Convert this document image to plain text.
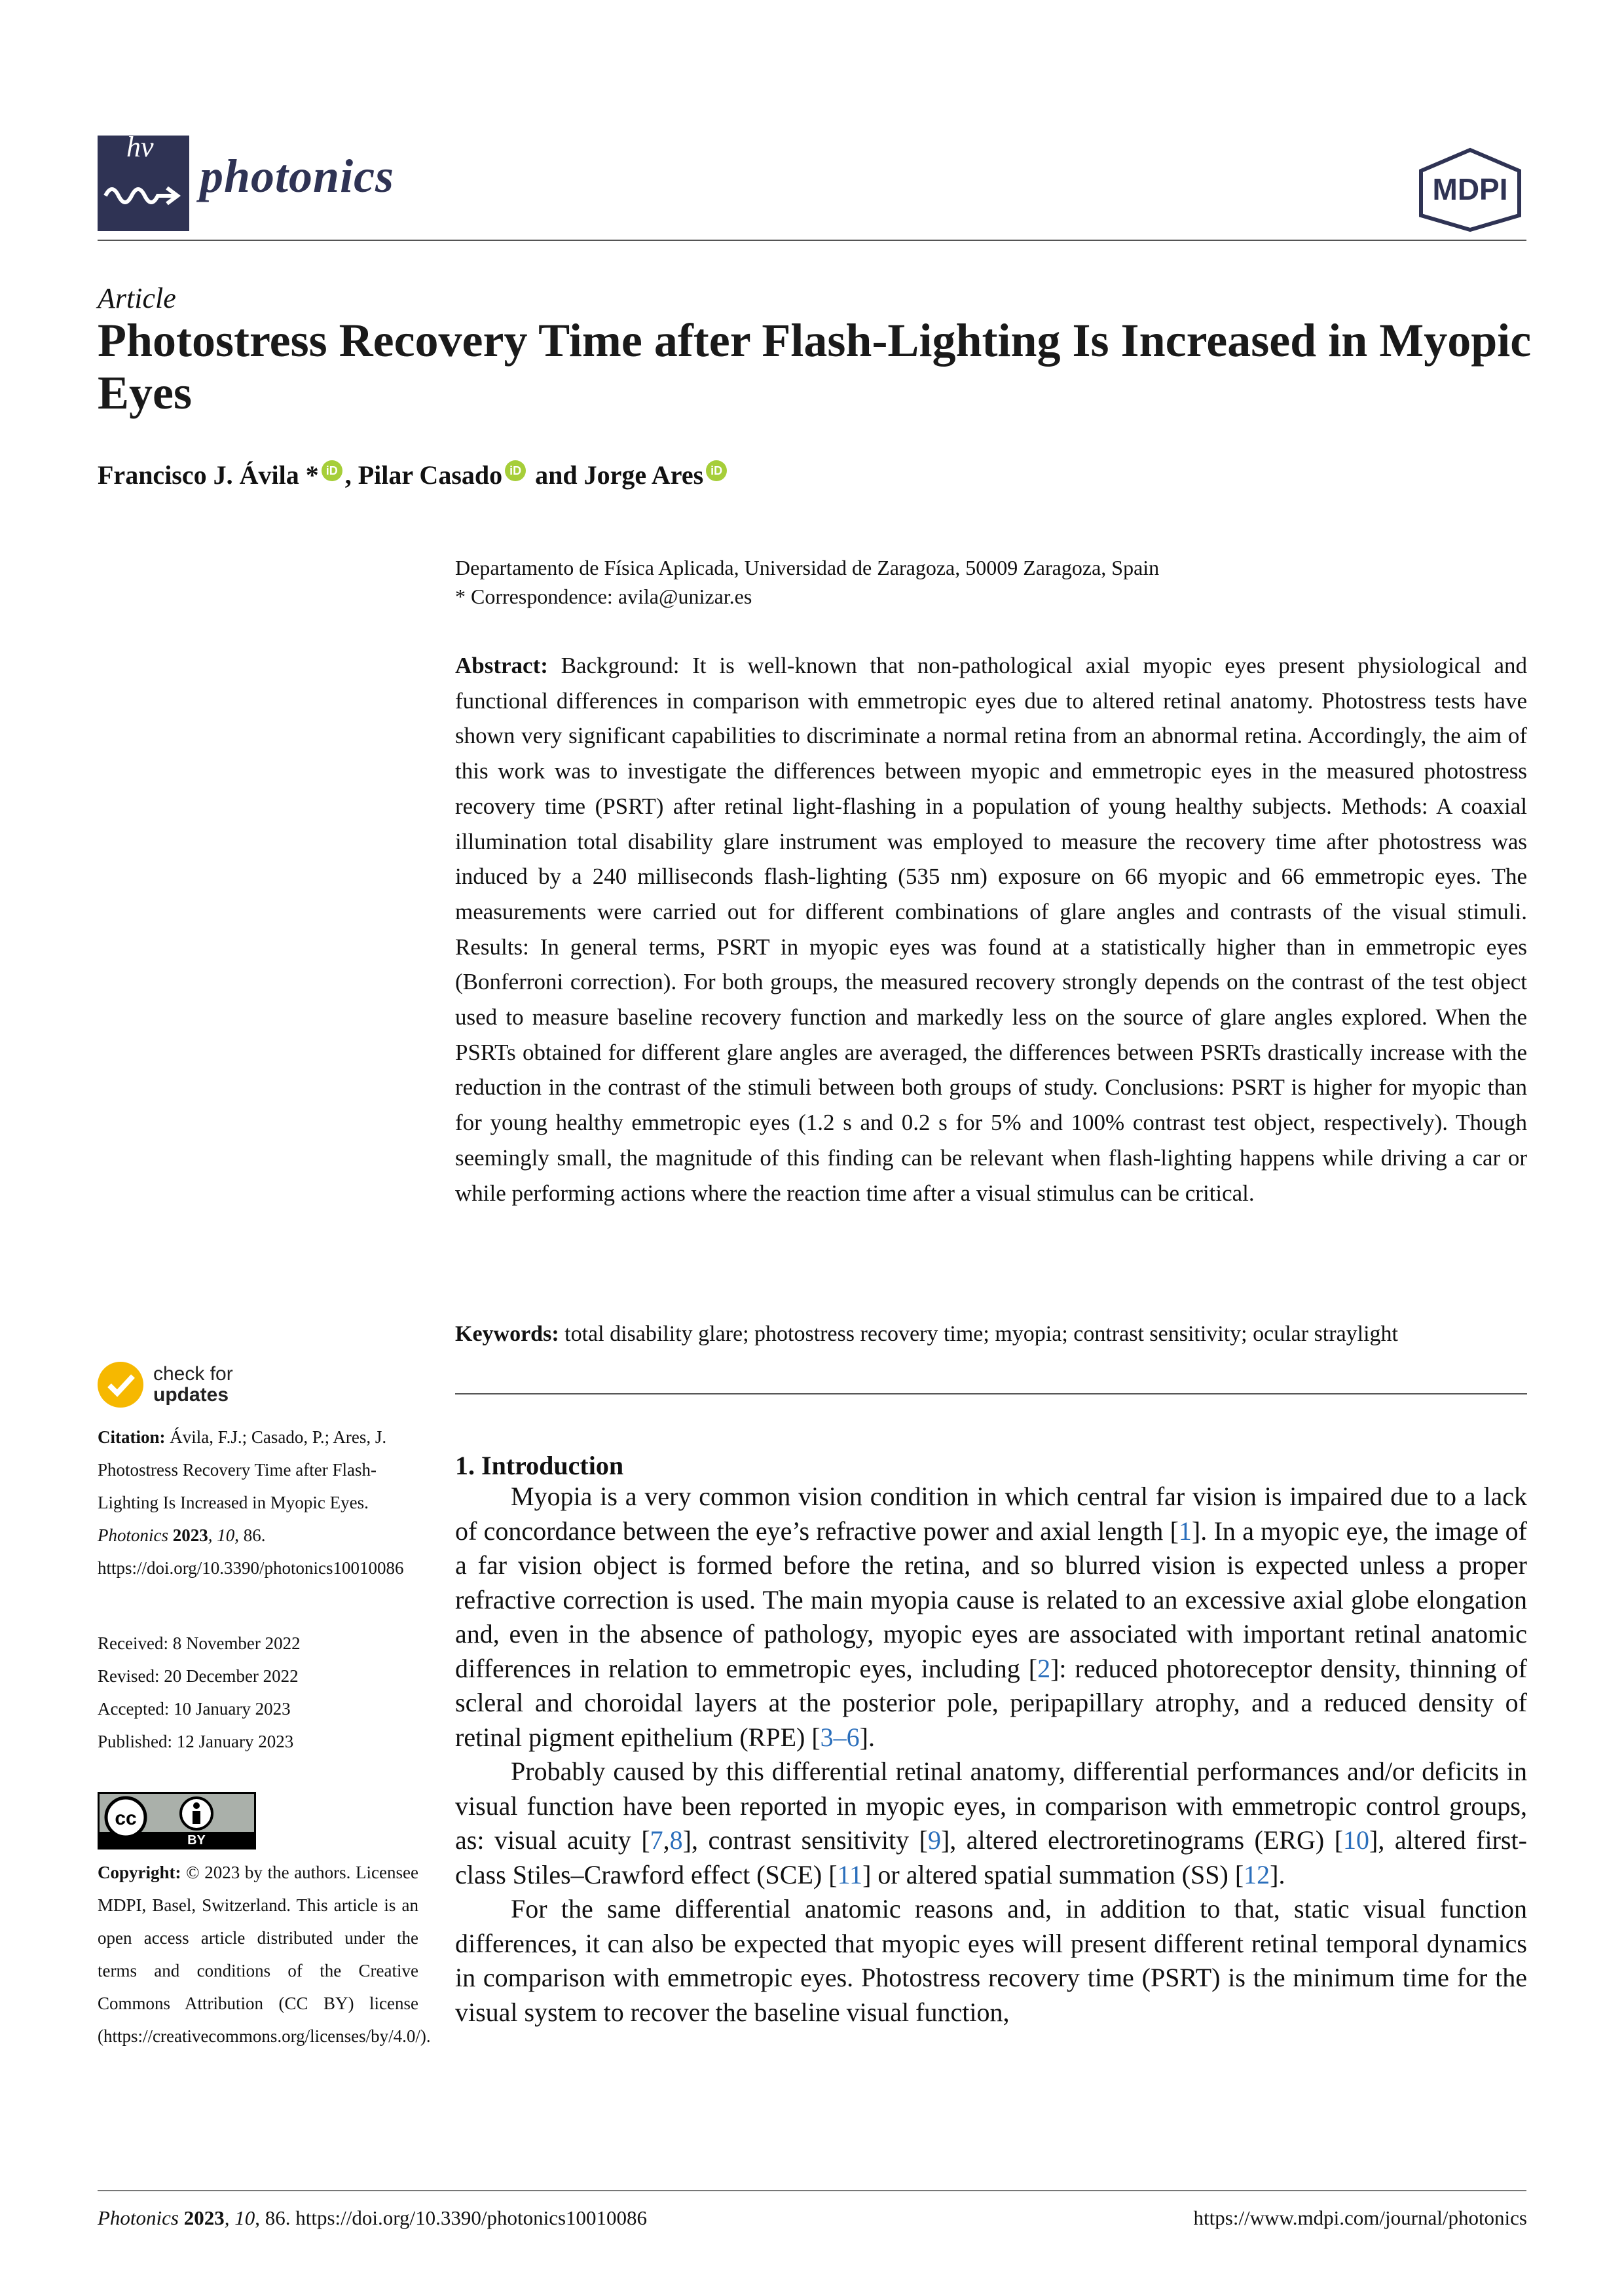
hv
photonics	MDPI
Article
Photostress Recovery Time after Flash-Lighting Is Increased in Myopic Eyes
Francisco J. Ávila * iD , Pilar Casado iD and Jorge Ares iD
Departamento de Física Aplicada, Universidad de Zaragoza, 50009 Zaragoza, Spain
* Correspondence: avila@unizar.es
Abstract: Background: It is well-known that non-pathological axial myopic eyes present physiological and functional differences in comparison with emmetropic eyes due to altered retinal anatomy. Photostress tests have shown very significant capabilities to discriminate a normal retina from an abnormal retina. Accordingly, the aim of this work was to investigate the differences between myopic and emmetropic eyes in the measured photostress recovery time (PSRT) after retinal light-flashing in a population of young healthy subjects. Methods: A coaxial illumination total disability glare instrument was employed to measure the recovery time after photostress was induced by a 240 milliseconds flash-lighting (535 nm) exposure on 66 myopic and 66 emmetropic eyes. The measurements were carried out for different combinations of glare angles and contrasts of the visual stimuli. Results: In general terms, PSRT in myopic eyes was found at a statistically higher than in emmetropic eyes (Bonferroni correction). For both groups, the measured recovery strongly depends on the contrast of the test object used to measure baseline recovery function and markedly less on the source of glare angles explored. When the PSRTs obtained for different glare angles are averaged, the differences between PSRTs drastically increase with the reduction in the contrast of the stimuli between both groups of study. Conclusions: PSRT is higher for myopic than for young healthy emmetropic eyes (1.2 s and 0.2 s for 5% and 100% contrast test object, respectively). Though seemingly small, the magnitude of this finding can be relevant when flash-lighting happens while driving a car or while performing actions where the reaction time after a visual stimulus can be critical.
Keywords: total disability glare; photostress recovery time; myopia; contrast sensitivity; ocular straylight
check for
updates
Citation: Ávila, F.J.; Casado, P.; Ares, J. Photostress Recovery Time after Flash-Lighting Is Increased in Myopic Eyes. Photonics 2023, 10, 86. https://doi.org/10.3390/photonics10010086
Received: 8 November 2022
Revised: 20 December 2022
Accepted: 10 January 2023
Published: 12 January 2023
cc
BY
Copyright: © 2023 by the authors. Licensee MDPI, Basel, Switzerland. This article is an open access article distributed under the terms and conditions of the Creative Commons Attribution (CC BY) license (https://creativecommons.org/licenses/by/4.0/).
1. Introduction

Myopia is a very common vision condition in which central far vision is impaired due to a lack of concordance between the eye’s refractive power and axial length [1]. In a myopic eye, the image of a far vision object is formed before the retina, and so blurred vision is expected unless a proper refractive correction is used. The main myopia cause is related to an excessive axial globe elongation and, even in the absence of pathology, myopic eyes are associated with important retinal anatomic differences in relation to emmetropic eyes, including [2]: reduced photoreceptor density, thinning of scleral and choroidal layers at the posterior pole, peripapillary atrophy, and a reduced density of retinal pigment epithelium (RPE) [3–6].

Probably caused by this differential retinal anatomy, differential performances and/or deficits in visual function have been reported in myopic eyes, in comparison with emmetropic control groups, as: visual acuity [7,8], contrast sensitivity [9], altered electroretinograms (ERG) [10], altered first-class Stiles–Crawford effect (SCE) [11] or altered spatial summation (SS) [12].

For the same differential anatomic reasons and, in addition to that, static visual function differences, it can also be expected that myopic eyes will present different retinal temporal dynamics in comparison with emmetropic eyes. Photostress recovery time (PSRT) is the minimum time for the visual system to recover the baseline visual function,

Photonics 2023, 10, 86. https://doi.org/10.3390/photonics10010086	https://www.mdpi.com/journal/photonics
